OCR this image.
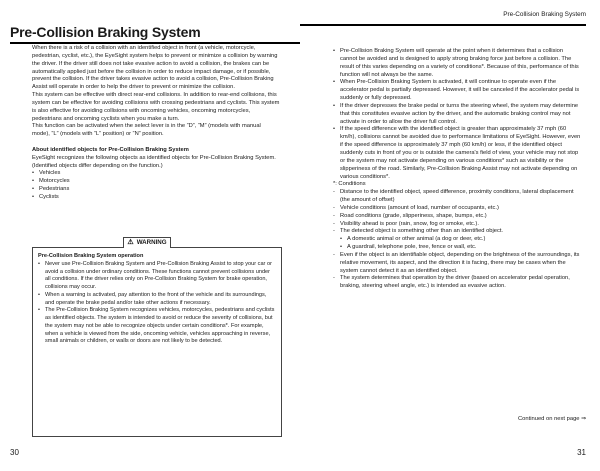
Pre-Collision Braking System

When there is a risk of a collision with an identified object in front (a vehicle, motorcycle, pedestrian, cyclist, etc.), the EyeSight system helps to prevent or minimize a collision by warning the driver. If the driver still does not take evasive action to avoid a collision, the brakes can be automatically applied just before the collision in order to reduce impact damage, or if possible, prevent the collision. If the driver takes evasive action to avoid a collision, Pre-Collision Braking Assist will operate in order to help the driver to prevent or minimize the collision.

This system can be effective with direct rear-end collisions. In addition to rear-end collisions, this system can be effective for avoiding collisions with crossing pedestrians and cyclists. This system is also effective for avoiding collisions with oncoming vehicles, oncoming motorcycles, pedestrians and oncoming cyclists when you make a turn.

This function can be activated when the select lever is in the “D”, “M” (models with manual mode), “L” (models with “L” position) or “N” position.

About identified objects for Pre-Collision Braking System

EyeSight recognizes the following objects as identified objects for Pre-Collision Braking System. (Identified objects differ depending on the function.)

• Vehicles
• Motorcycles
• Pedestrians
• Cyclists
⚠ WARNING

Pre-Collision Braking System operation

• Never use Pre-Collision Braking System and Pre-Collision Braking Assist to stop your car or avoid a collision under ordinary conditions. These functions cannot prevent collisions under all conditions. If the driver relies only on Pre-Collision Braking System for brake operation, collisions may occur.
• When a warning is activated, pay attention to the front of the vehicle and its surroundings, and operate the brake pedal and/or take other actions if necessary.
• The Pre-Collision Braking System recognizes vehicles, motorcycles, pedestrians and cyclists as identified objects. The system is intended to avoid or reduce the severity of collisions, but the system may not be able to recognize objects under certain conditions*. For example, when a vehicle is viewed from the side, oncoming vehicle, vehicles approaching in reverse, small animals or children, or walls or doors are not likely to be detected.
30
Pre-Collision Braking System
• Pre-Collision Braking System will operate at the point when it determines that a collision cannot be avoided and is designed to apply strong braking force just before a collision. The result of this varies depending on a variety of conditions*. Because of this, performance of this function will not always be the same.
• When Pre-Collision Braking System is activated, it will continue to operate even if the accelerator pedal is partially depressed. However, it will be canceled if the accelerator pedal is suddenly or fully depressed.
• If the driver depresses the brake pedal or turns the steering wheel, the system may determine that this constitutes evasive action by the driver, and the automatic braking control may not activate in order to allow the driver full control.
• If the speed difference with the identified object is greater than approximately 37 mph (60 km/h), collisions cannot be avoided due to performance limitations of EyeSight. However, even if the speed difference is approximately 37 mph (60 km/h) or less, if the identified object suddenly cuts in front of you or is outside the camera's field of view, your vehicle may not stop or the system may not activate depending on various conditions* such as visibility or the slipperiness of the road. Similarly, Pre-Collision Braking Assist may not activate depending on various conditions*.

*: Conditions

- Distance to the identified object, speed difference, proximity conditions, lateral displacement (the amount of offset)
- Vehicle conditions (amount of load, number of occupants, etc.)
- Road conditions (grade, slipperiness, shape, bumps, etc.)
- Visibility ahead is poor (rain, snow, fog or smoke, etc.).
- The detected object is something other than an identified object.
• A domestic animal or other animal (a dog or deer, etc.)
• A guardrail, telephone pole, tree, fence or wall, etc.
- Even if the object is an identifiable object, depending on the brightness of the surroundings, its relative movement, its aspect, and the direction it is facing, there may be cases when the system cannot detect it as an identified object.
- The system determines that operation by the driver (based on accelerator pedal operation, braking, steering wheel angle, etc.) is intended as evasive action.
Continued on next page ⇒
31
